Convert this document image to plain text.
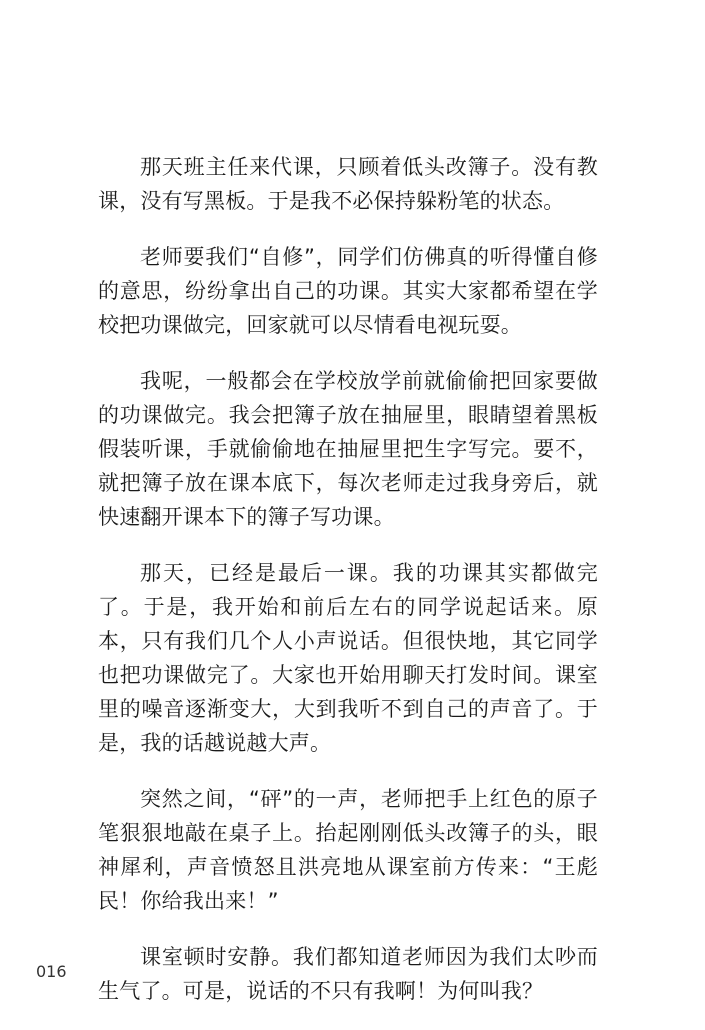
那天班主任来代课，只顾着低头改簿子。没有教课，没有写黑板。于是我不必保持躲粉笔的状态。

老师要我们“自修”，同学们仿佛真的听得懂自修的意思，纷纷拿出自己的功课。其实大家都希望在学校把功课做完，回家就可以尽情看电视玩耍。

我呢，一般都会在学校放学前就偷偷把回家要做的功课做完。我会把簿子放在抽屉里，眼睛望着黑板假装听课，手就偷偷地在抽屉里把生字写完。要不，就把簿子放在课本底下，每次老师走过我身旁后，就快速翻开课本下的簿子写功课。

那天，已经是最后一课。我的功课其实都做完了。于是，我开始和前后左右的同学说起话来。原本，只有我们几个人小声说话。但很快地，其它同学也把功课做完了。大家也开始用聊天打发时间。课室里的噪音逐渐变大，大到我听不到自己的声音了。于是，我的话越说越大声。

突然之间，“砰”的一声，老师把手上红色的原子笔狠狠地敲在桌子上。抬起刚刚低头改簿子的头，眼神犀利，声音愤怒且洪亮地从课室前方传来：“王彪民！你给我出来！”

课室顿时安静。我们都知道老师因为我们太吵而生气了。可是，说话的不只有我啊！为何叫我？

016
